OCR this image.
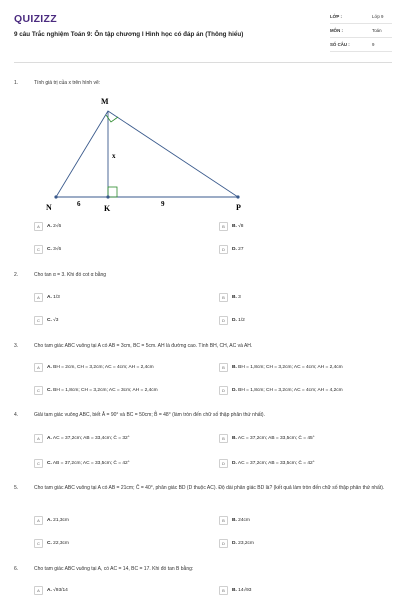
QUIZIZZ
9 câu Trắc nghiệm Toán 9: Ôn tập chương I Hình học có đáp án (Thông hiểu)
LỚP :	Lớp 9
MÔN :	Toán
SỐ CÂU :	9
1.	Tính giá trị của x trên hình vẽ:
M
N	K	P
x
6	9
A	A. 2√6	B	B. √8
C	C. 3√6	D	D. 27
2.	Cho tan α = 3. Khi đó cot α bằng
A	A. 1/3	B	B. 3
C	C. √3	D	D. 1/2
3.	Cho tam giác ABC vuông tại A có AB = 3cm, BC = 5cm. AH là đường cao. Tính BH, CH, AC và AH.
A	A. BH = 2cm, CH = 3,2cm; AC = 4cm; AH = 2,4cm	B	B. BH = 1,8cm; CH = 3,2cm; AC = 4cm; AH = 2,4cm
C	C. BH = 1,8cm; CH = 3,2cm; AC = 3cm; AH = 2,4cm	D	D. BH = 1,8cm; CH = 3,2cm; AC = 4cm; AH = 4,2cm
4.	Giải tam giác vuông ABC, biết Â = 90° và BC = 50cm; B̂ = 48° (làm tròn đến chữ số thập phân thứ nhất).
A	A. AC = 37,2cm; AB = 33,4cm; Ĉ = 32°	B	B. AC = 37,2cm; AB = 33,5cm; Ĉ = 45°
C	C. AB = 37,2cm; AC = 33,5cm; Ĉ = 42°	D	D. AC = 37,2cm; AB = 33,5cm; Ĉ = 42°
5.	Cho tam giác ABC vuông tại A có AB = 21cm; Ĉ = 40°, phân giác BD (D thuộc AC). Độ dài phân giác BD là? (kết quả làm tròn đến chữ số thập phân thứ nhất).
A	A. 21,3cm	B	B. 24cm
C	C. 22,3cm	D	D. 23,2cm
6.	Cho tam giác ABC vuông tại A, có AC = 14, BC = 17. Khi đó tan B bằng:
A	A. √93/14	B	B. 14√93
